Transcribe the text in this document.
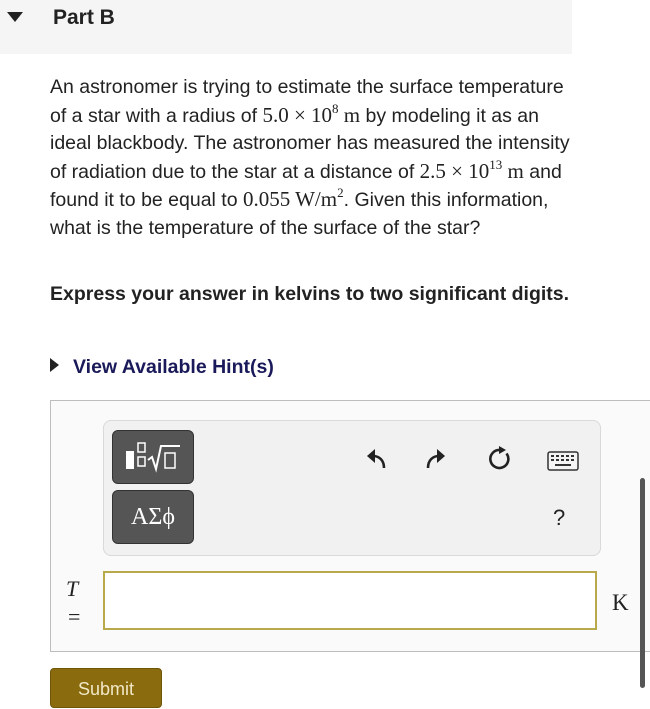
Part B
An astronomer is trying to estimate the surface temperature of a star with a radius of $5.0 \times 10^8$ m by modeling it as an ideal blackbody. The astronomer has measured the intensity of radiation due to the star at a distance of $2.5 \times 10^{13}$ m and found it to be equal to 0.055 $W/m^2$. Given this information, what is the temperature of the surface of the star?
Express your answer in kelvins to two significant digits.
View Available Hint(s)
ΑΣϕ	?
T
=
K
Submit
